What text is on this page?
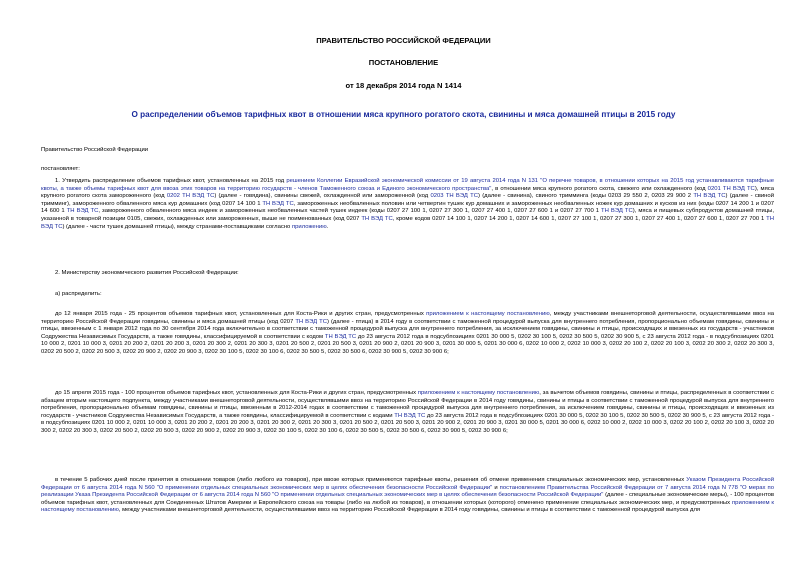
ПРАВИТЕЛЬСТВО РОССИЙСКОЙ ФЕДЕРАЦИИ

ПОСТАНОВЛЕНИЕ

от 18 декабря 2014 года N 1414

О распределении объемов тарифных квот в отношении мяса крупного рогатого скота, свинины и мяса домашней птицы в 2015 году

Правительство Российской Федерации

постановляет:

1. Утвердить распределение объемов тарифных квот, установленных на 2015 год решением Коллегии Евразийской экономической комиссии от 19 августа 2014 года N 131 "О перечне товаров, в отношении которых на 2015 год устанавливаются тарифные квоты, а также объемы тарифных квот для ввоза этих товаров на территорию государств - членов Таможенного союза и Единого экономического пространства", в отношении мяса крупного рогатого скота, свежего или охлажденного (код 0201 ТН ВЭД ТС), мяса крупного рогатого скота замороженного (код 0202 ТН ВЭД ТС) (далее - говядина), свинины свежей, охлажденной или замороженной (код 0203 ТН ВЭД ТС) (далее - свинина), свиного тримминга (коды 0203 29 550 2, 0203 29 900 2 ТН ВЭД ТС) (далее - свиной тримминг), замороженного обваленного мяса кур домашних (код 0207 14 100 1 ТН ВЭД ТС, замороженных необваленных половин или четвертин тушек кур домашних и замороженных необваленных ножек кур домашних и кусков из них (коды 0207 14 200 1 и 0207 14 600 1 ТН ВЭД ТС, замороженного обваленного мяса индеек и замороженных необваленных частей тушек индеек (коды 0207 27 100 1, 0207 27 300 1, 0207 27 400 1, 0207 27 600 1 и 0207 27 700 1 ТН ВЭД ТС), мяса и пищевых субпродуктов домашней птицы, указанной в товарной позиции 0105, свежих, охлажденных или замороженных, выше не поименованных (код 0207 ТН ВЭД ТС, кроме кодов 0207 14 100 1, 0207 14 200 1, 0207 14 600 1, 0207 27 100 1, 0207 27 300 1, 0207 27 400 1, 0207 27 600 1, 0207 27 700 1 ТН ВЭД ТС) (далее - части тушек домашней птицы), между странами-поставщиками согласно приложению.

2. Министерству экономического развития Российской Федерации:

а) распределить:

до 12 января 2015 года - 25 процентов объемов тарифных квот, установленных для Коста-Рики и других стран, предусмотренных приложением к настоящему постановлению, между участниками внешнеторговой деятельности, осуществлявшими ввоз на территорию Российской Федерации говядины, свинины и мяса домашней птицы (код 0207 ТН ВЭД ТС) (далее - птица) в 2014 году в соответствии с таможенной процедурой выпуска для внутреннего потребления, пропорционально объемам говядины, свинины и птицы, ввезенным с 1 января 2012 года по 30 сентября 2014 года включительно в соответствии с таможенной процедурой выпуска для внутреннего потребления, за исключением говядины, свинины и птицы, происходящих и ввезенных из государств - участников Содружества Независимых Государств, а также говядины, классифицируемой в соответствии с кодом ТН ВЭД ТС до 23 августа 2012 года в подсубпозициях 0201 30 000 5, 0202 30 100 5, 0202 30 500 5, 0202 30 900 5, с 23 августа 2012 года - в подсубпозициях 0201 10 000 2, 0201 10 000 3, 0201 20 200 2, 0201 20 200 3, 0201 20 300 2, 0201 20 300 3, 0201 20 500 2, 0201 20 500 3, 0201 20 900 2, 0201 20 900 3, 0201 30 000 5, 0201 30 000 6, 0202 10 000 2, 0202 10 000 3, 0202 20 100 2, 0202 20 100 3, 0202 20 300 2, 0202 20 300 3, 0202 20 500 2, 0202 20 500 3, 0202 20 900 2, 0202 20 900 3, 0202 30 100 5, 0202 30 100 6, 0202 30 500 5, 0202 30 500 6, 0202 30 900 5, 0202 30 900 6;

до 15 апреля 2015 года - 100 процентов объемов тарифных квот, установленных для Коста-Рики и других стран, предусмотренных приложением к настоящему постановлению, за вычетом объемов говядины, свинины и птицы, распределенных в соответствии с абзацем вторым настоящего подпункта, между участниками внешнеторговой деятельности, осуществлявшими ввоз на территорию Российской Федерации в 2014 году говядины, свинины и птицы в соответствии с таможенной процедурой выпуска для внутреннего потребления, пропорционально объемам говядины, свинины и птицы, ввезенным в 2012-2014 годах в соответствии с таможенной процедурой выпуска для внутреннего потребления, за исключением говядины, свинины и птицы, происходящих и ввезенных из государств - участников Содружества Независимых Государств, а также говядины, классифицируемой в соответствии с кодами ТН ВЭД ТС до 23 августа 2012 года в подсубпозициях 0201 30 000 5, 0202 30 100 5, 0202 30 500 5, 0202 30 900 5, с 23 августа 2012 года - в подсубпозициях 0201 10 000 2, 0201 10 000 3, 0201 20 200 2, 0201 20 200 3, 0201 20 300 2, 0201 20 300 3, 0201 20 500 2, 0201 20 500 3, 0201 20 900 2, 0201 20 900 3, 0201 30 000 5, 0201 30 000 6, 0202 10 000 2, 0202 10 000 3, 0202 20 100 2, 0202 20 100 3, 0202 20 300 2, 0202 20 300 3, 0202 20 500 2, 0202 20 500 3, 0202 20 900 2, 0202 20 900 3, 0202 30 100 5, 0202 30 100 6, 0202 30 500 5, 0202 30 500 6, 0202 30 900 5, 0202 30 900 6;

в течение 5 рабочих дней после принятия в отношении товаров (либо любого из товаров), при ввозе которых применяются тарифные квоты, решения об отмене применения специальных экономических мер, установленных Указом Президента Российской Федерации от 6 августа 2014 года N 560 "О применении отдельных специальных экономических мер в целях обеспечения безопасности Российской Федерации" и постановлением Правительства Российской Федерации от 7 августа 2014 года N 778 "О мерах по реализации Указа Президента Российской Федерации от 6 августа 2014 года N 560 "О применении отдельных специальных экономических мер в целях обеспечения безопасности Российской Федерации" (далее - специальные экономические меры), - 100 процентов объемов тарифных квот, установленных для Соединенных Штатов Америки и Европейского союза на товары (либо на любой из товаров), в отношении которых (которого) отменено применение специальных экономических мер, и предусмотренных приложением к настоящему постановлению, между участниками внешнеторговой деятельности, осуществлявшими ввоз на территорию Российской Федерации в 2014 году говядины, свинины и птицы в соответствии с таможенной процедурой выпуска для
